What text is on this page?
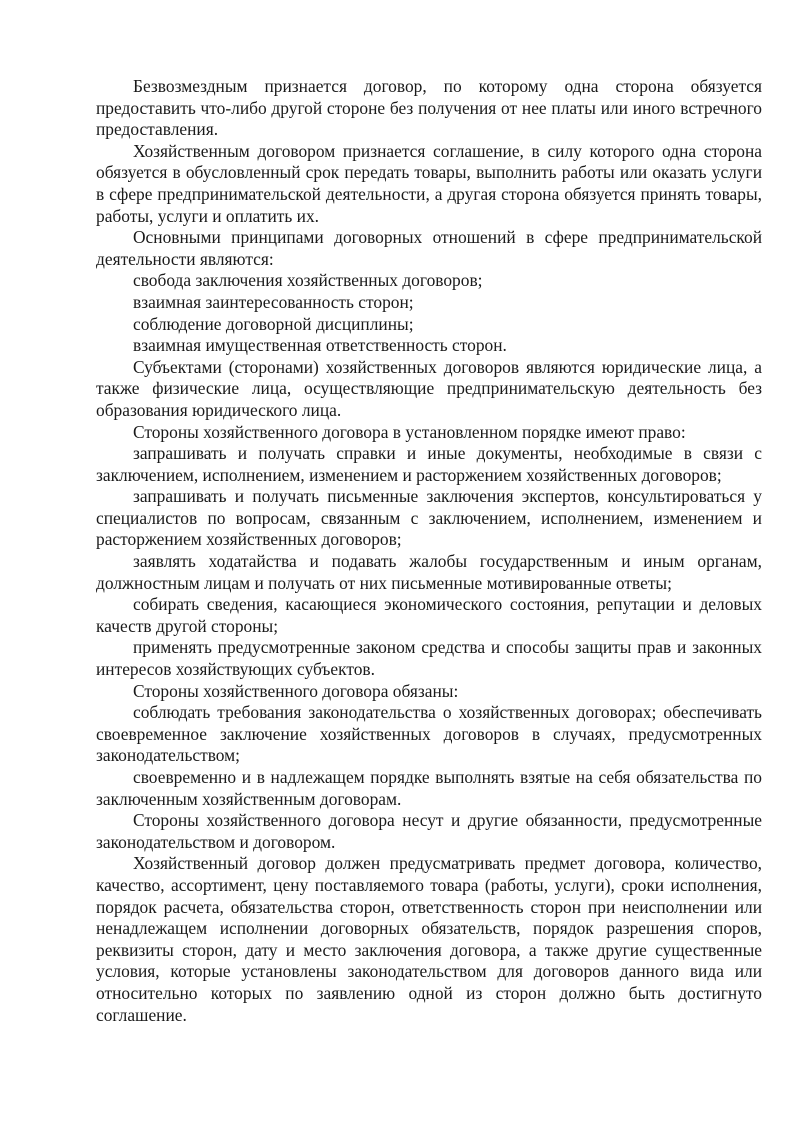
Безвозмездным признается договор, по которому одна сторона обязуется предоставить что-либо другой стороне без получения от нее платы или иного встречного предоставления.

Хозяйственным договором признается соглашение, в силу которого одна сторона обязуется в обусловленный срок передать товары, выполнить работы или оказать услуги в сфере предпринимательской деятельности, а другая сторона обязуется принять товары, работы, услуги и оплатить их.

Основными принципами договорных отношений в сфере предпринимательской деятельности являются:

свобода заключения хозяйственных договоров;

взаимная заинтересованность сторон;

соблюдение договорной дисциплины;

взаимная имущественная ответственность сторон.

Субъектами (сторонами) хозяйственных договоров являются юридические лица, а также физические лица, осуществляющие предпринимательскую деятельность без образования юридического лица.

Стороны хозяйственного договора в установленном порядке имеют право:

запрашивать и получать справки и иные документы, необходимые в связи с заключением, исполнением, изменением и расторжением хозяйственных договоров;

запрашивать и получать письменные заключения экспертов, консультироваться у специалистов по вопросам, связанным с заключением, исполнением, изменением и расторжением хозяйственных договоров;

заявлять ходатайства и подавать жалобы государственным и иным органам, должностным лицам и получать от них письменные мотивированные ответы;

собирать сведения, касающиеся экономического состояния, репутации и деловых качеств другой стороны;

применять предусмотренные законом средства и способы защиты прав и законных интересов хозяйствующих субъектов.

Стороны хозяйственного договора обязаны:

соблюдать требования законодательства о хозяйственных договорах; обеспечивать своевременное заключение хозяйственных договоров в случаях, предусмотренных законодательством;

своевременно и в надлежащем порядке выполнять взятые на себя обязательства по заключенным хозяйственным договорам.

Стороны хозяйственного договора несут и другие обязанности, предусмотренные законодательством и договором.

Хозяйственный договор должен предусматривать предмет договора, количество, качество, ассортимент, цену поставляемого товара (работы, услуги), сроки исполнения, порядок расчета, обязательства сторон, ответственность сторон при неисполнении или ненадлежащем исполнении договорных обязательств, порядок разрешения споров, реквизиты сторон, дату и место заключения договора, а также другие существенные условия, которые установлены законодательством для договоров данного вида или относительно которых по заявлению одной из сторон должно быть достигнуто соглашение.
